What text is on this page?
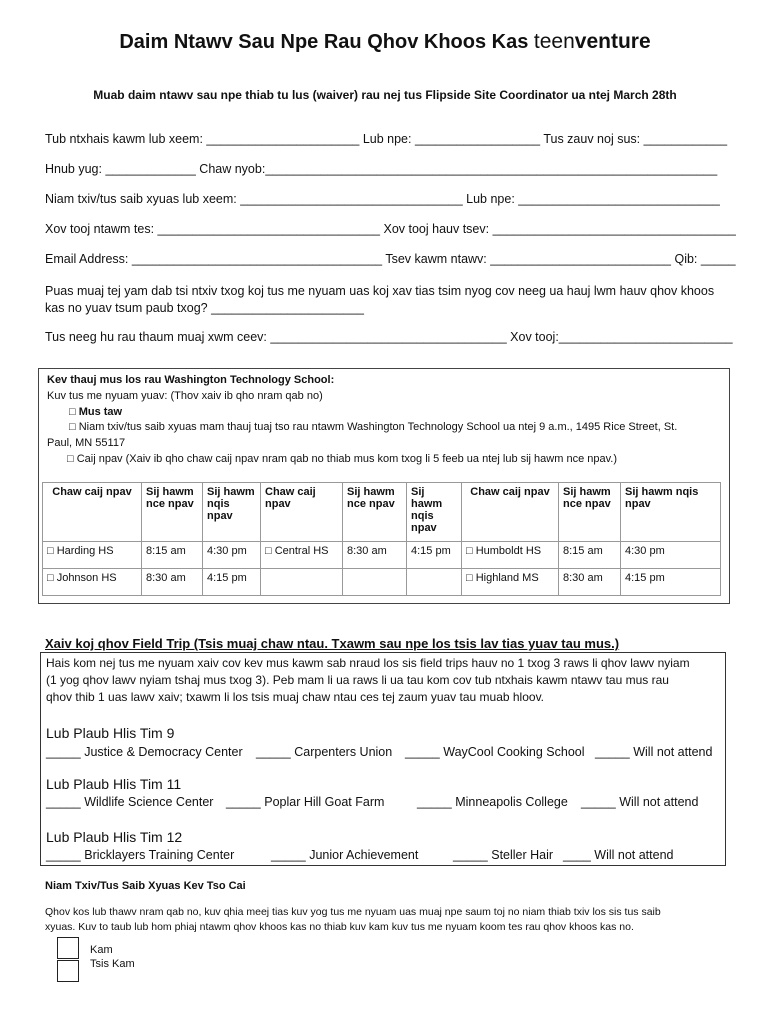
Daim Ntawv Sau Npe Rau Qhov Khoos Kas teenventure
Muab daim ntawv sau npe thiab tu lus (waiver) rau nej tus Flipside Site Coordinator ua ntej March 28th
Tub ntxhais kawm lub xeem: ______________________ Lub npe: __________________ Tus zauv noj sus: ____________
Hnub yug: _____________ Chaw nyob:_________________________________________________________________
Niam txiv/tus saib xyuas lub xeem: ________________________________ Lub npe: _____________________________
Xov tooj ntawm tes: ________________________________ Xov tooj hauv tsev: ___________________________________
Email Address: ____________________________________ Tsev kawm ntawv: __________________________ Qib: _____
Puas muaj tej yam dab tsi ntxiv txog koj tus me nyuam uas koj xav tias tsim nyog cov neeg ua hauj lwm hauv qhov khoos
kas no yuav tsum paub txog? ______________________
Tus neeg hu rau thaum muaj xwm ceev: __________________________________ Xov tooj:_________________________
Kev thauj mus los rau Washington Technology School:
Kuv tus me nyuam yuav: (Thov xaiv ib qho nram qab no)
□ Mus taw
□ Niam txiv/tus saib xyuas mam thauj tuaj tso rau ntawm Washington Technology School ua ntej 9 a.m., 1495 Rice Street, St.
Paul, MN 55117
□ Caij npav (Xaiv ib qho chaw caij npav nram qab no thiab mus kom txog li 5 feeb ua ntej lub sij hawm nce npav.)
Chaw caij npav	Sij hawm nce npav	Sij hawm nqis npav	Chaw caij npav	Sij hawm nce npav	Sij hawm nqis npav	Chaw caij npav	Sij hawm nce npav	Sij hawm nqis npav
□ Harding HS	8:15 am	4:30 pm	□ Central HS	8:30 am	4:15 pm	□ Humboldt HS	8:15 am	4:30 pm
□ Johnson HS	8:30 am	4:15 pm				□ Highland MS	8:30 am	4:15 pm
Xaiv koj qhov Field Trip (Tsis muaj chaw ntau. Txawm sau npe los tsis lav tias yuav tau mus.)
Hais kom nej tus me nyuam xaiv cov kev mus kawm sab nraud los sis field trips hauv no 1 txog 3 raws li qhov lawv nyiam
(1 yog qhov lawv nyiam tshaj mus txog 3). Peb mam li ua raws li ua tau kom cov tub ntxhais kawm ntawv tau mus rau
qhov thib 1 uas lawv xaiv; txawm li los tsis muaj chaw ntau ces tej zaum yuav tau muab hloov.
Lub Plaub Hlis Tim 9
_____ Justice & Democracy Center _____ Carpenters Union _____ WayCool Cooking School _____ Will not attend
Lub Plaub Hlis Tim 11
_____ Wildlife Science Center _____ Poplar Hill Goat Farm	_____ Minneapolis College _____ Will not attend
Lub Plaub Hlis Tim 12
_____ Bricklayers Training Center	_____ Junior Achievement	_____ Steller Hair ____ Will not attend
Niam Txiv/Tus Saib Xyuas Kev Tso Cai
Qhov kos lub thawv nram qab no, kuv qhia meej tias kuv yog tus me nyuam uas muaj npe saum toj no niam thiab txiv los sis tus saib
xyuas. Kuv to taub lub hom phiaj ntawm qhov khoos kas no thiab kuv kam kuv tus me nyuam koom tes rau qhov khoos kas no.
Kam
Tsis Kam
